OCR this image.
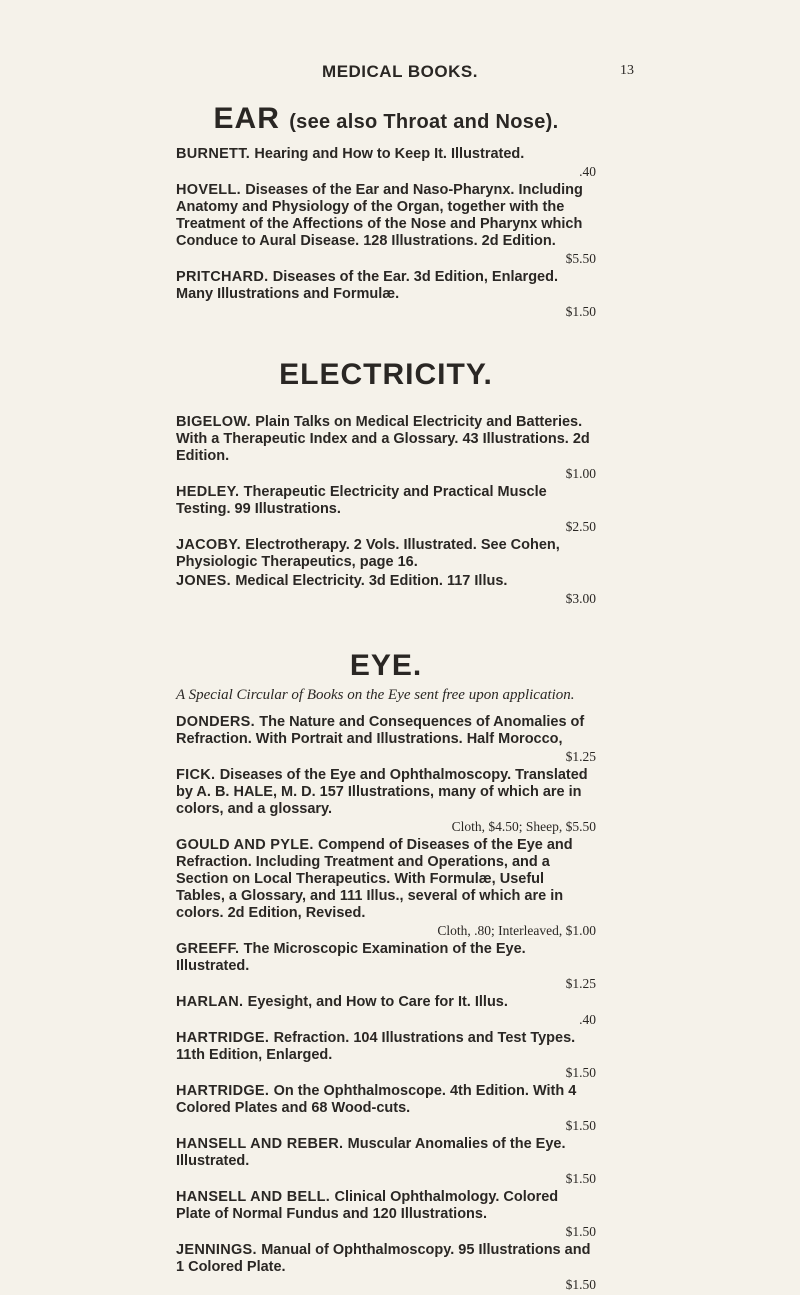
MEDICAL BOOKS.	13
EAR (see also Throat and Nose).
BURNETT. Hearing and How to Keep It. Illustrated.
.40
HOVELL. Diseases of the Ear and Naso-Pharynx. Including Anatomy and Physiology of the Organ, together with the Treatment of the Affections of the Nose and Pharynx which Conduce to Aural Disease. 128 Illustrations. 2d Edition.
$5.50
PRITCHARD. Diseases of the Ear. 3d Edition, Enlarged. Many Illustrations and Formulæ.
$1.50
ELECTRICITY.
BIGELOW. Plain Talks on Medical Electricity and Batteries. With a Therapeutic Index and a Glossary. 43 Illustrations. 2d Edition.
$1.00
HEDLEY. Therapeutic Electricity and Practical Muscle Testing. 99 Illustrations.
$2.50
JACOBY. Electrotherapy. 2 Vols. Illustrated. See Cohen, Physiologic Therapeutics, page 16.
JONES. Medical Electricity. 3d Edition. 117 Illus.
$3.00
EYE.
A Special Circular of Books on the Eye sent free upon application.
DONDERS. The Nature and Consequences of Anomalies of Refraction. With Portrait and Illustrations. Half Morocco,
$1.25
FICK. Diseases of the Eye and Ophthalmoscopy. Translated by A. B. HALE, M. D. 157 Illustrations, many of which are in colors, and a glossary.
Cloth, $4.50; Sheep, $5.50
GOULD AND PYLE. Compend of Diseases of the Eye and Refraction. Including Treatment and Operations, and a Section on Local Therapeutics. With Formulæ, Useful Tables, a Glossary, and 111 Illus., several of which are in colors. 2d Edition, Revised.
Cloth, .80; Interleaved, $1.00
GREEFF. The Microscopic Examination of the Eye. Illustrated.
$1.25
HARLAN. Eyesight, and How to Care for It. Illus.
.40
HARTRIDGE. Refraction. 104 Illustrations and Test Types. 11th Edition, Enlarged.
$1.50
HARTRIDGE. On the Ophthalmoscope. 4th Edition. With 4 Colored Plates and 68 Wood-cuts.
$1.50
HANSELL AND REBER. Muscular Anomalies of the Eye. Illustrated.
$1.50
HANSELL AND BELL. Clinical Ophthalmology. Colored Plate of Normal Fundus and 120 Illustrations.
$1.50
JENNINGS. Manual of Ophthalmoscopy. 95 Illustrations and 1 Colored Plate.
$1.50
